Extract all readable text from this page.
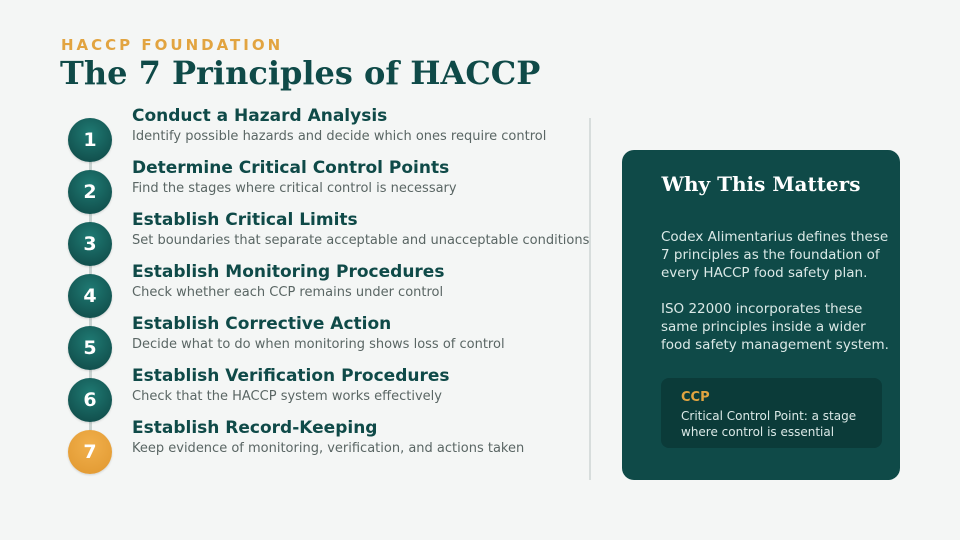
HACCP FOUNDATION
The 7 Principles of HACCP
1
Conduct a Hazard Analysis
Identify possible hazards and decide which ones require control
2
Determine Critical Control Points
Find the stages where critical control is necessary
3
Establish Critical Limits
Set boundaries that separate acceptable and unacceptable conditions
4
Establish Monitoring Procedures
Check whether each CCP remains under control
5
Establish Corrective Action
Decide what to do when monitoring shows loss of control
6
Establish Verification Procedures
Check that the HACCP system works effectively
7
Establish Record-Keeping
Keep evidence of monitoring, verification, and actions taken
Why This Matters
Codex Alimentarius defines these 7 principles as the foundation of every HACCP food safety plan.
ISO 22000 incorporates these same principles inside a wider food safety management system.
CCP
Critical Control Point: a stage where control is essential
